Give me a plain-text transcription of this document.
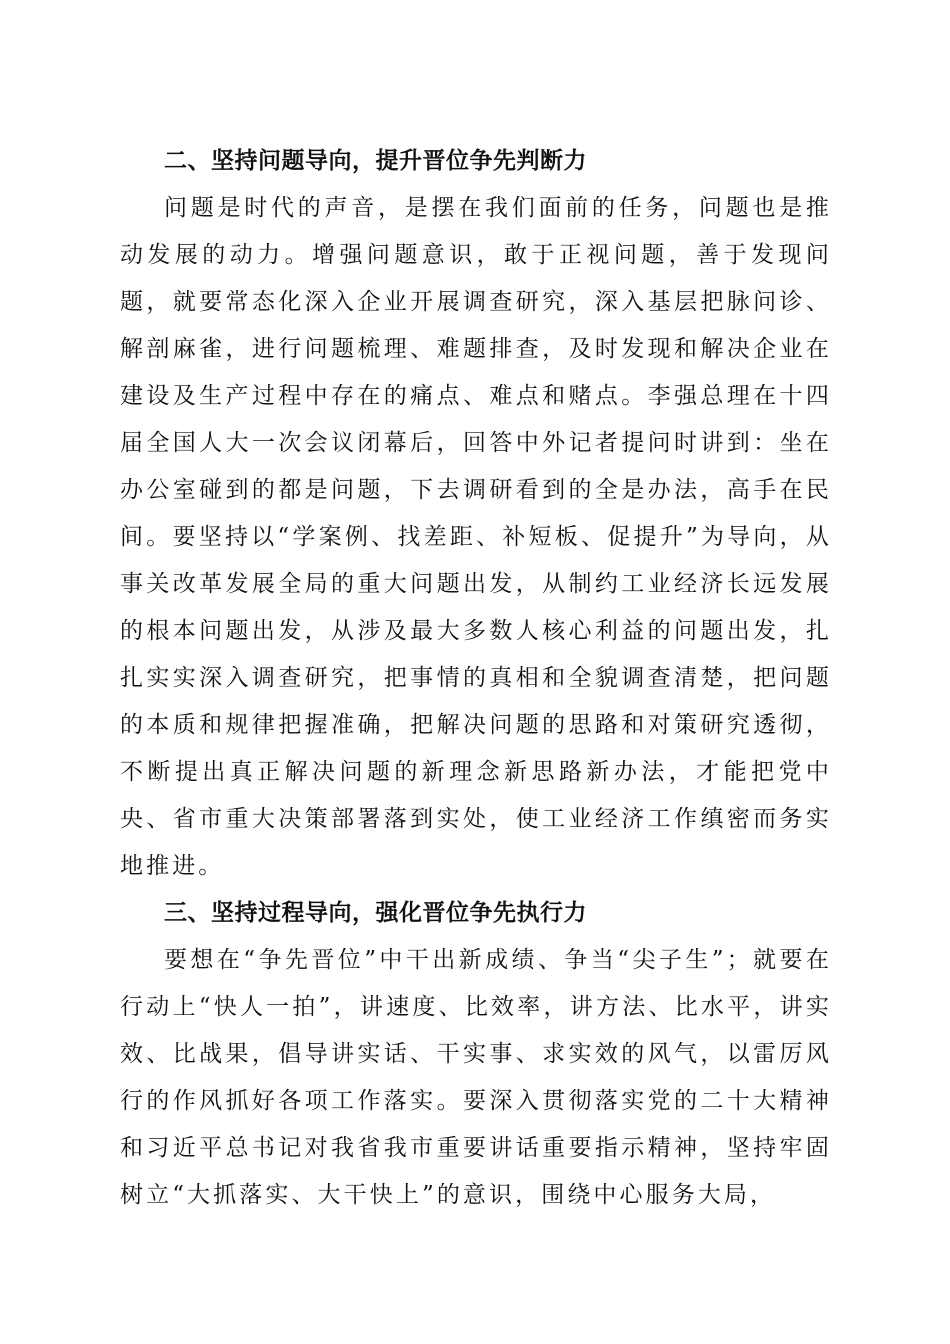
二、坚持问题导向，提升晋位争先判断力

问题是时代的声音，是摆在我们面前的任务，问题也是推动发展的动力。增强问题意识，敢于正视问题，善于发现问题，就要常态化深入企业开展调查研究，深入基层把脉问诊、解剖麻雀，进行问题梳理、难题排查，及时发现和解决企业在建设及生产过程中存在的痛点、难点和赌点。李强总理在十四届全国人大一次会议闭幕后，回答中外记者提问时讲到：坐在办公室碰到的都是问题，下去调研看到的全是办法，高手在民间。要坚持以“学案例、找差距、补短板、促提升”为导向，从事关改革发展全局的重大问题出发，从制约工业经济长远发展的根本问题出发，从涉及最大多数人核心利益的问题出发，扎扎实实深入调查研究，把事情的真相和全貌调查清楚，把问题的本质和规律把握准确，把解决问题的思路和对策研究透彻，不断提出真正解决问题的新理念新思路新办法，才能把党中央、省市重大决策部署落到实处，使工业经济工作缜密而务实地推进。

三、坚持过程导向，强化晋位争先执行力

要想在“争先晋位”中干出新成绩、争当“尖子生”；就要在行动上“快人一拍”，讲速度、比效率，讲方法、比水平，讲实效、比战果，倡导讲实话、干实事、求实效的风气，以雷厉风行的作风抓好各项工作落实。要深入贯彻落实党的二十大精神和习近平总书记对我省我市重要讲话重要指示精神，坚持牢固树立“大抓落实、大干快上”的意识，围绕中心服务大局，
